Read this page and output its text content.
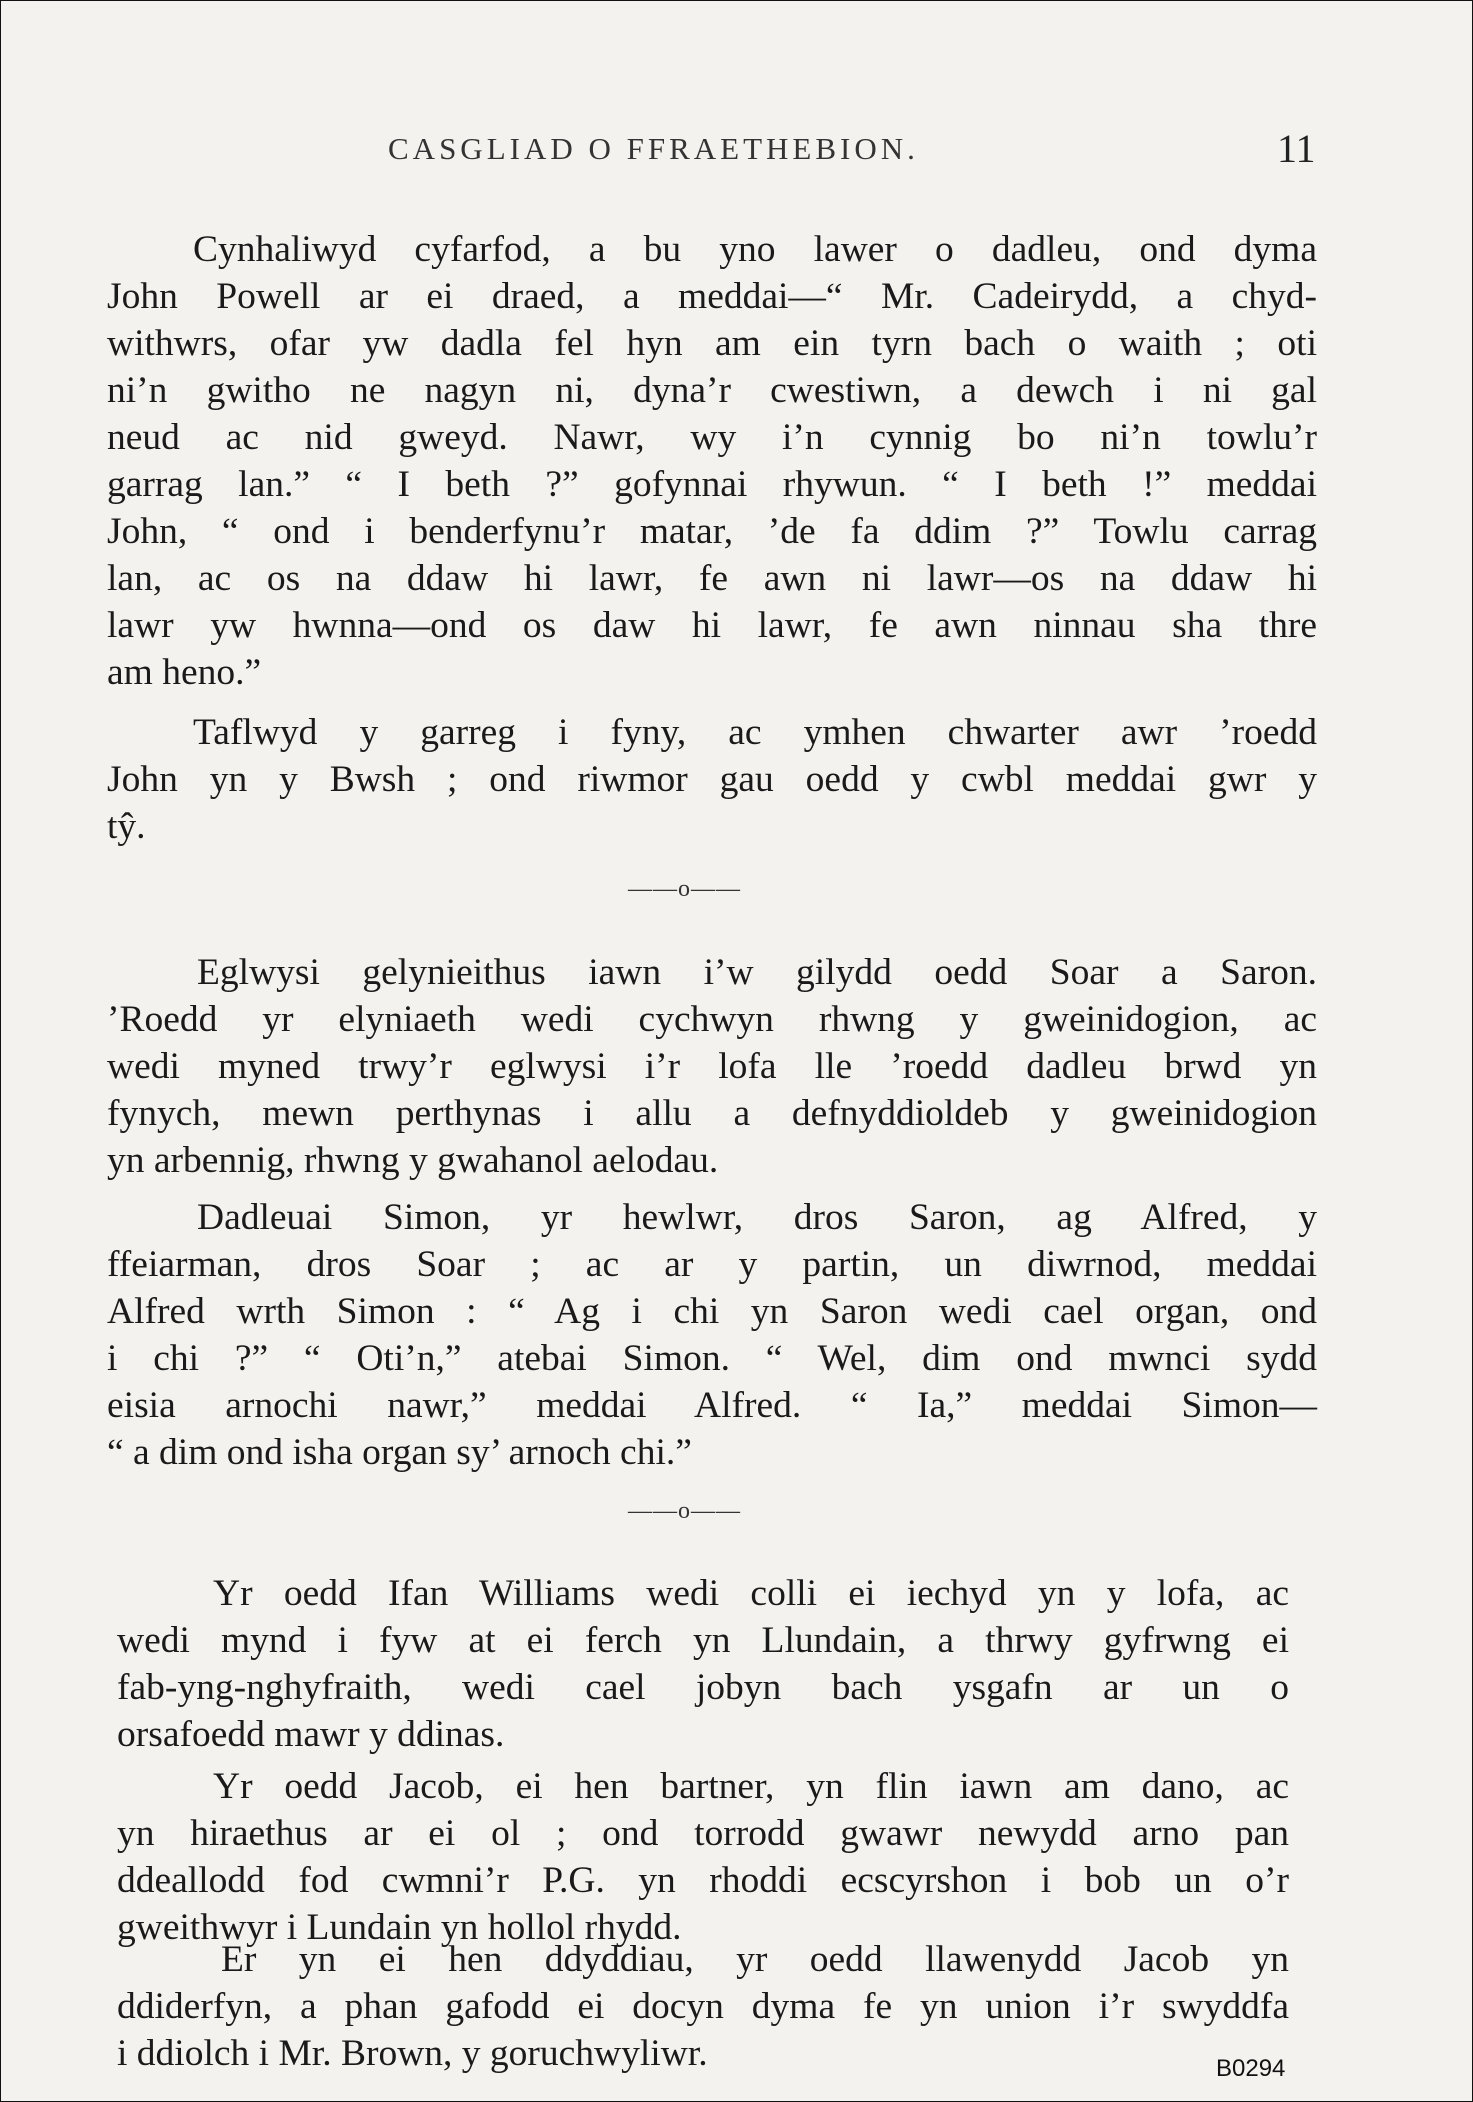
CASGLIAD O FFRAETHEBION.	11
Cynhaliwyd cyfarfod, a bu yno lawer o dadleu, ond dyma
John Powell ar ei draed, a meddai—“ Mr. Cadeirydd, a chyd-
withwrs, ofar yw dadla fel hyn am ein tyrn bach o waith ; oti
ni’n gwitho ne nagyn ni, dyna’r cwestiwn, a dewch i ni gal
neud ac nid gweyd. Nawr, wy i’n cynnig bo ni’n towlu’r
garrag lan.” “ I beth ?” gofynnai rhywun. “ I beth !” meddai
John, “ ond i benderfynu’r matar, ’de fa ddim ?” Towlu carrag
lan, ac os na ddaw hi lawr, fe awn ni lawr—os na ddaw hi
lawr yw hwnna—ond os daw hi lawr, fe awn ninnau sha thre
am heno.”
Taflwyd y garreg i fyny, ac ymhen chwarter awr ’roedd
John yn y Bwsh ; ond riwmor gau oedd y cwbl meddai gwr y
tŷ.
——o——
Eglwysi gelynieithus iawn i’w gilydd oedd Soar a Saron.
’Roedd yr elyniaeth wedi cychwyn rhwng y gweinidogion, ac
wedi myned trwy’r eglwysi i’r lofa lle ’roedd dadleu brwd yn
fynych, mewn perthynas i allu a defnyddioldeb y gweinidogion
yn arbennig, rhwng y gwahanol aelodau.
Dadleuai Simon, yr hewlwr, dros Saron, ag Alfred, y
ffeiarman, dros Soar ; ac ar y partin, un diwrnod, meddai
Alfred wrth Simon : “ Ag i chi yn Saron wedi cael organ, ond
i chi ?” “ Oti’n,” atebai Simon. “ Wel, dim ond mwnci sydd
eisia arnochi nawr,” meddai Alfred. “ Ia,” meddai Simon—
“ a dim ond isha organ sy’ arnoch chi.”
——o——
Yr oedd Ifan Williams wedi colli ei iechyd yn y lofa, ac
wedi mynd i fyw at ei ferch yn Llundain, a thrwy gyfrwng ei
fab-yng-nghyfraith, wedi cael jobyn bach ysgafn ar un o
orsafoedd mawr y ddinas.
Yr oedd Jacob, ei hen bartner, yn flin iawn am dano, ac
yn hiraethus ar ei ol ; ond torrodd gwawr newydd arno pan
ddeallodd fod cwmni’r P.G. yn rhoddi ecscyrshon i bob un o’r
gweithwyr i Lundain yn hollol rhydd.
Er yn ei hen ddyddiau, yr oedd llawenydd Jacob yn
ddiderfyn, a phan gafodd ei docyn dyma fe yn union i’r swyddfa
i ddiolch i Mr. Brown, y goruchwyliwr.	B0294
